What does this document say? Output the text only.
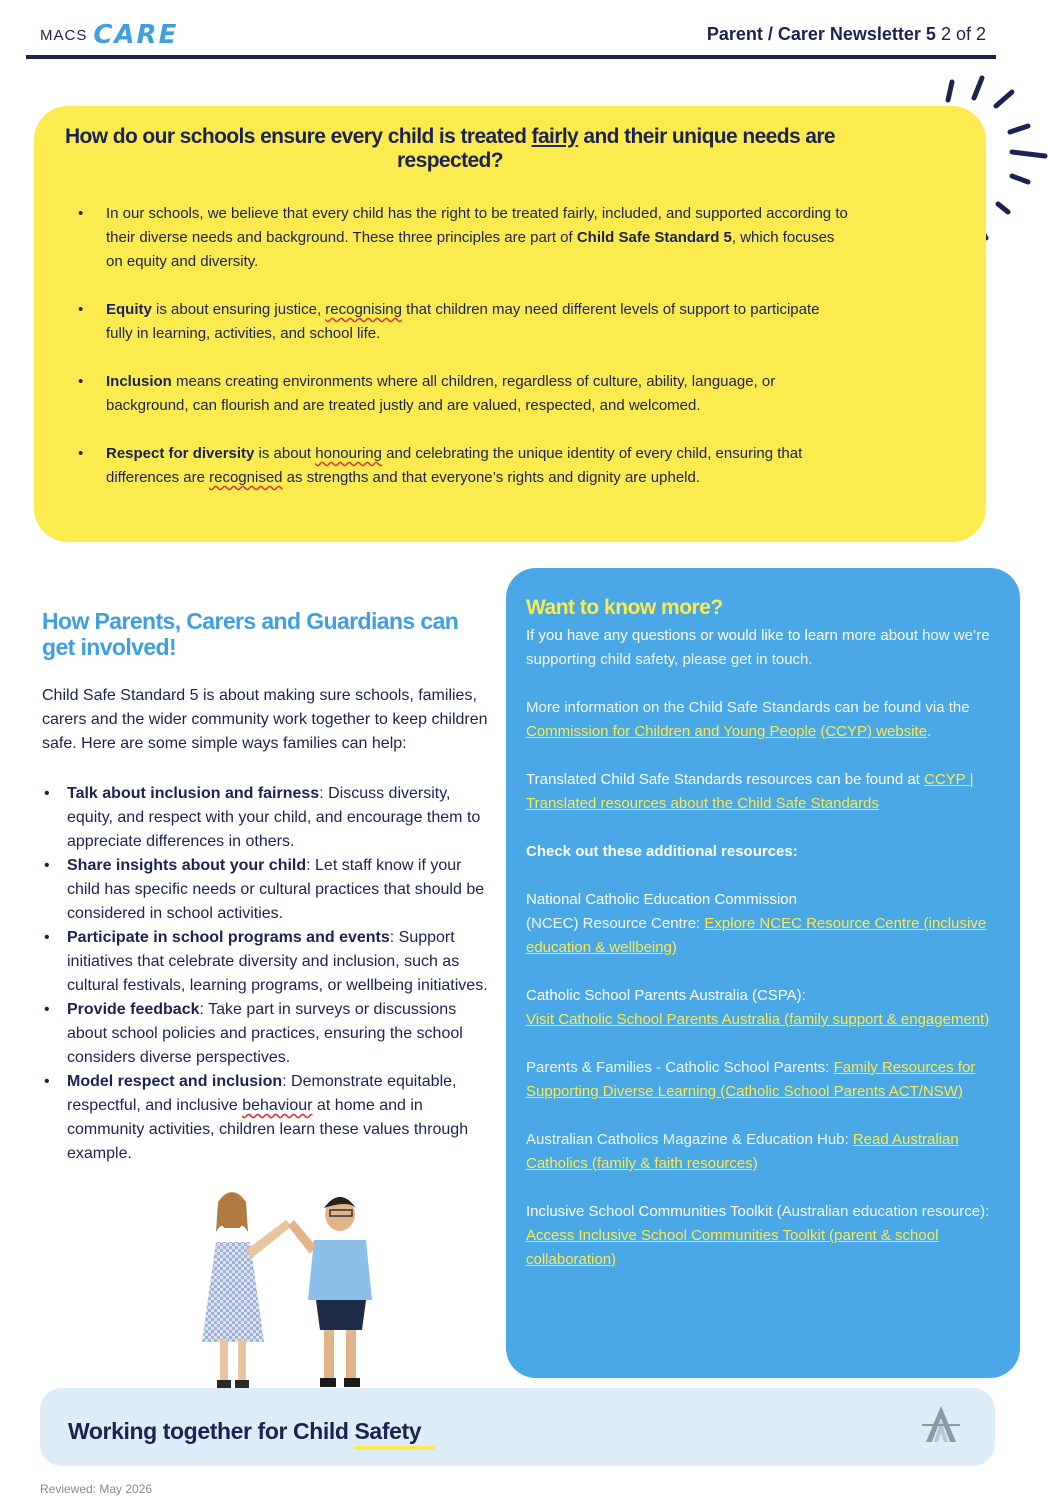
MACS CARE	Parent / Carer Newsletter 5 2 of 2
How do our schools ensure every child is treated fairly and their unique needs are respected?
• In our schools, we believe that every child has the right to be treated fairly, included, and supported according to their diverse needs and background. These three principles are part of Child Safe Standard 5, which focuses on equity and diversity.
• Equity is about ensuring justice, recognising that children may need different levels of support to participate fully in learning, activities, and school life.
• Inclusion means creating environments where all children, regardless of culture, ability, language, or background, can flourish and are treated justly and are valued, respected, and welcomed.
• Respect for diversity is about honouring and celebrating the unique identity of every child, ensuring that differences are recognised as strengths and that everyone’s rights and dignity are upheld.
How Parents, Carers and Guardians can get involved!
Child Safe Standard 5 is about making sure schools, families, carers and the wider community work together to keep children safe. Here are some simple ways families can help:
• Talk about inclusion and fairness: Discuss diversity, equity, and respect with your child, and encourage them to appreciate differences in others.
• Share insights about your child: Let staff know if your child has specific needs or cultural practices that should be considered in school activities.
• Participate in school programs and events: Support initiatives that celebrate diversity and inclusion, such as cultural festivals, learning programs, or wellbeing initiatives.
• Provide feedback: Take part in surveys or discussions about school policies and practices, ensuring the school considers diverse perspectives.
• Model respect and inclusion: Demonstrate equitable, respectful, and inclusive behaviour at home and in community activities, children learn these values through example.
Want to know more?

If you have any questions or would like to learn more about how we’re supporting child safety, please get in touch.

More information on the Child Safe Standards can be found via the Commission for Children and Young People (CCYP) website.

Translated Child Safe Standards resources can be found at CCYP | Translated resources about the Child Safe Standards

Check out these additional resources:

National Catholic Education Commission
(NCEC) Resource Centre: Explore NCEC Resource Centre (inclusive education & wellbeing)

Catholic School Parents Australia (CSPA):
Visit Catholic School Parents Australia (family support & engagement)

Parents & Families - Catholic School Parents: Family Resources for Supporting Diverse Learning (Catholic School Parents ACT/NSW)

Australian Catholics Magazine & Education Hub: Read Australian Catholics (family & faith resources)

Inclusive School Communities Toolkit (Australian education resource):
Access Inclusive School Communities Toolkit (parent & school collaboration)

Working together for Child Safety
Reviewed: May 2026
